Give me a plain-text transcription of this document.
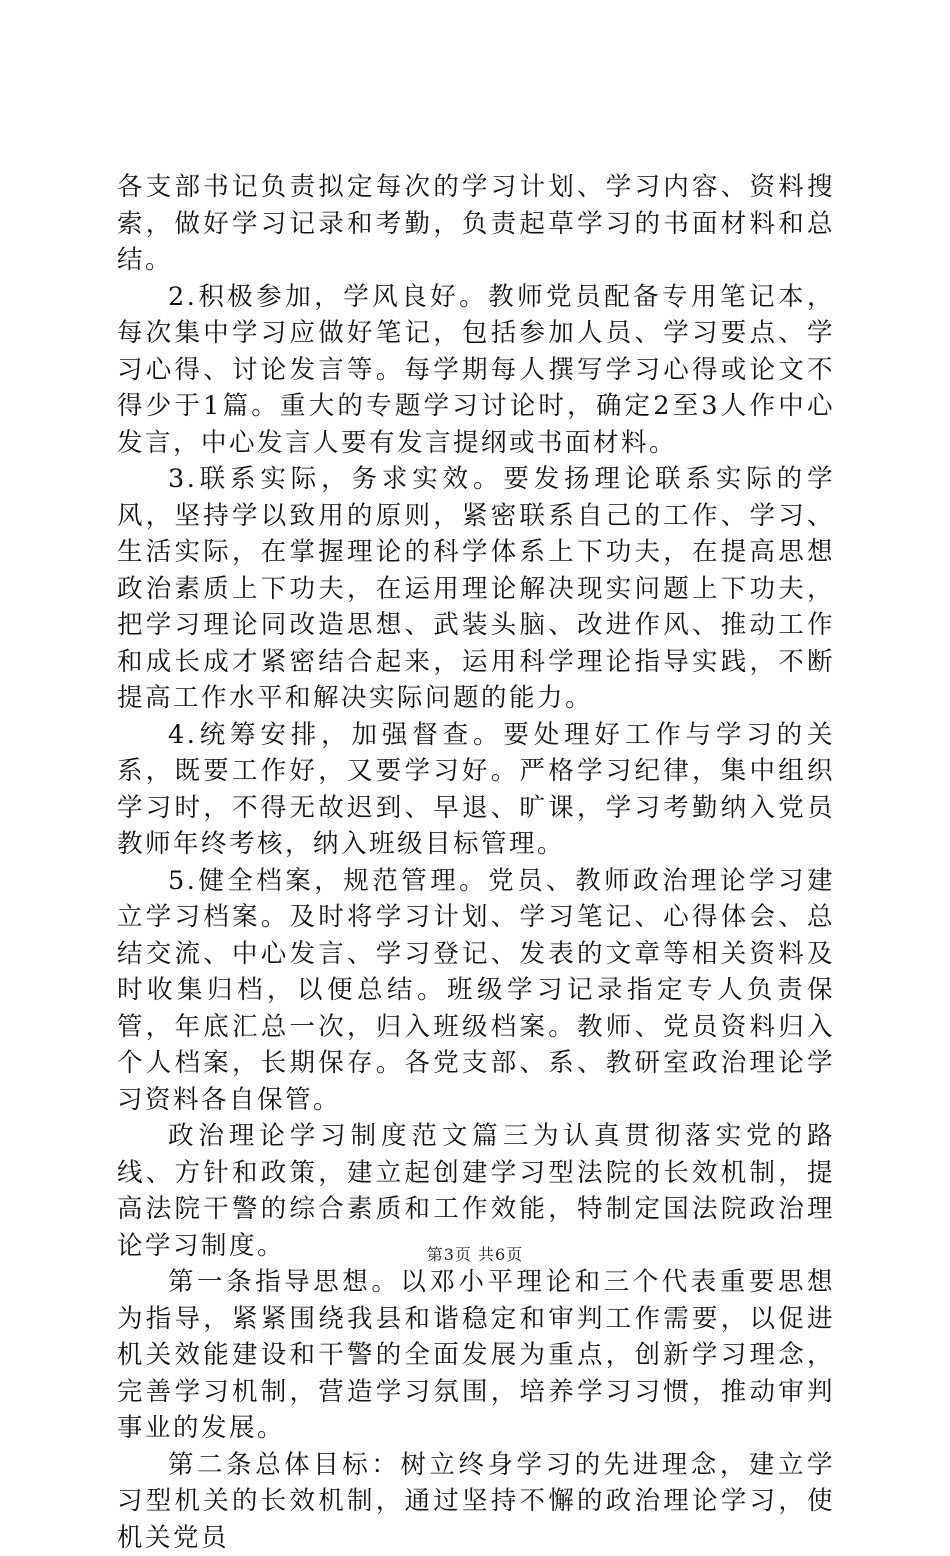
各支部书记负责拟定每次的学习计划、学习内容、资料搜索，做好学习记录和考勤，负责起草学习的书面材料和总结。

2.积极参加，学风良好。教师党员配备专用笔记本，每次集中学习应做好笔记，包括参加人员、学习要点、学习心得、讨论发言等。每学期每人撰写学习心得或论文不得少于1篇。重大的专题学习讨论时，确定2至3人作中心发言，中心发言人要有发言提纲或书面材料。

3.联系实际，务求实效。要发扬理论联系实际的学风，坚持学以致用的原则，紧密联系自己的工作、学习、生活实际，在掌握理论的科学体系上下功夫，在提高思想政治素质上下功夫，在运用理论解决现实问题上下功夫，把学习理论同改造思想、武装头脑、改进作风、推动工作和成长成才紧密结合起来，运用科学理论指导实践，不断提高工作水平和解决实际问题的能力。

4.统筹安排，加强督查。要处理好工作与学习的关系，既要工作好，又要学习好。严格学习纪律，集中组织学习时，不得无故迟到、早退、旷课，学习考勤纳入党员教师年终考核，纳入班级目标管理。

5.健全档案，规范管理。党员、教师政治理论学习建立学习档案。及时将学习计划、学习笔记、心得体会、总结交流、中心发言、学习登记、发表的文章等相关资料及时收集归档，以便总结。班级学习记录指定专人负责保管，年底汇总一次，归入班级档案。教师、党员资料归入个人档案，长期保存。各党支部、系、教研室政治理论学习资料各自保管。

政治理论学习制度范文篇三为认真贯彻落实党的路线、方针和政策，建立起创建学习型法院的长效机制，提高法院干警的综合素质和工作效能，特制定国法院政治理论学习制度。

第一条指导思想。以邓小平理论和三个代表重要思想为指导，紧紧围绕我县和谐稳定和审判工作需要，以促进机关效能建设和干警的全面发展为重点，创新学习理念，完善学习机制，营造学习氛围，培养学习习惯，推动审判事业的发展。

第二条总体目标：树立终身学习的先进理念，建立学习型机关的长效机制，通过坚持不懈的政治理论学习，使机关党员

第3页 共6页
